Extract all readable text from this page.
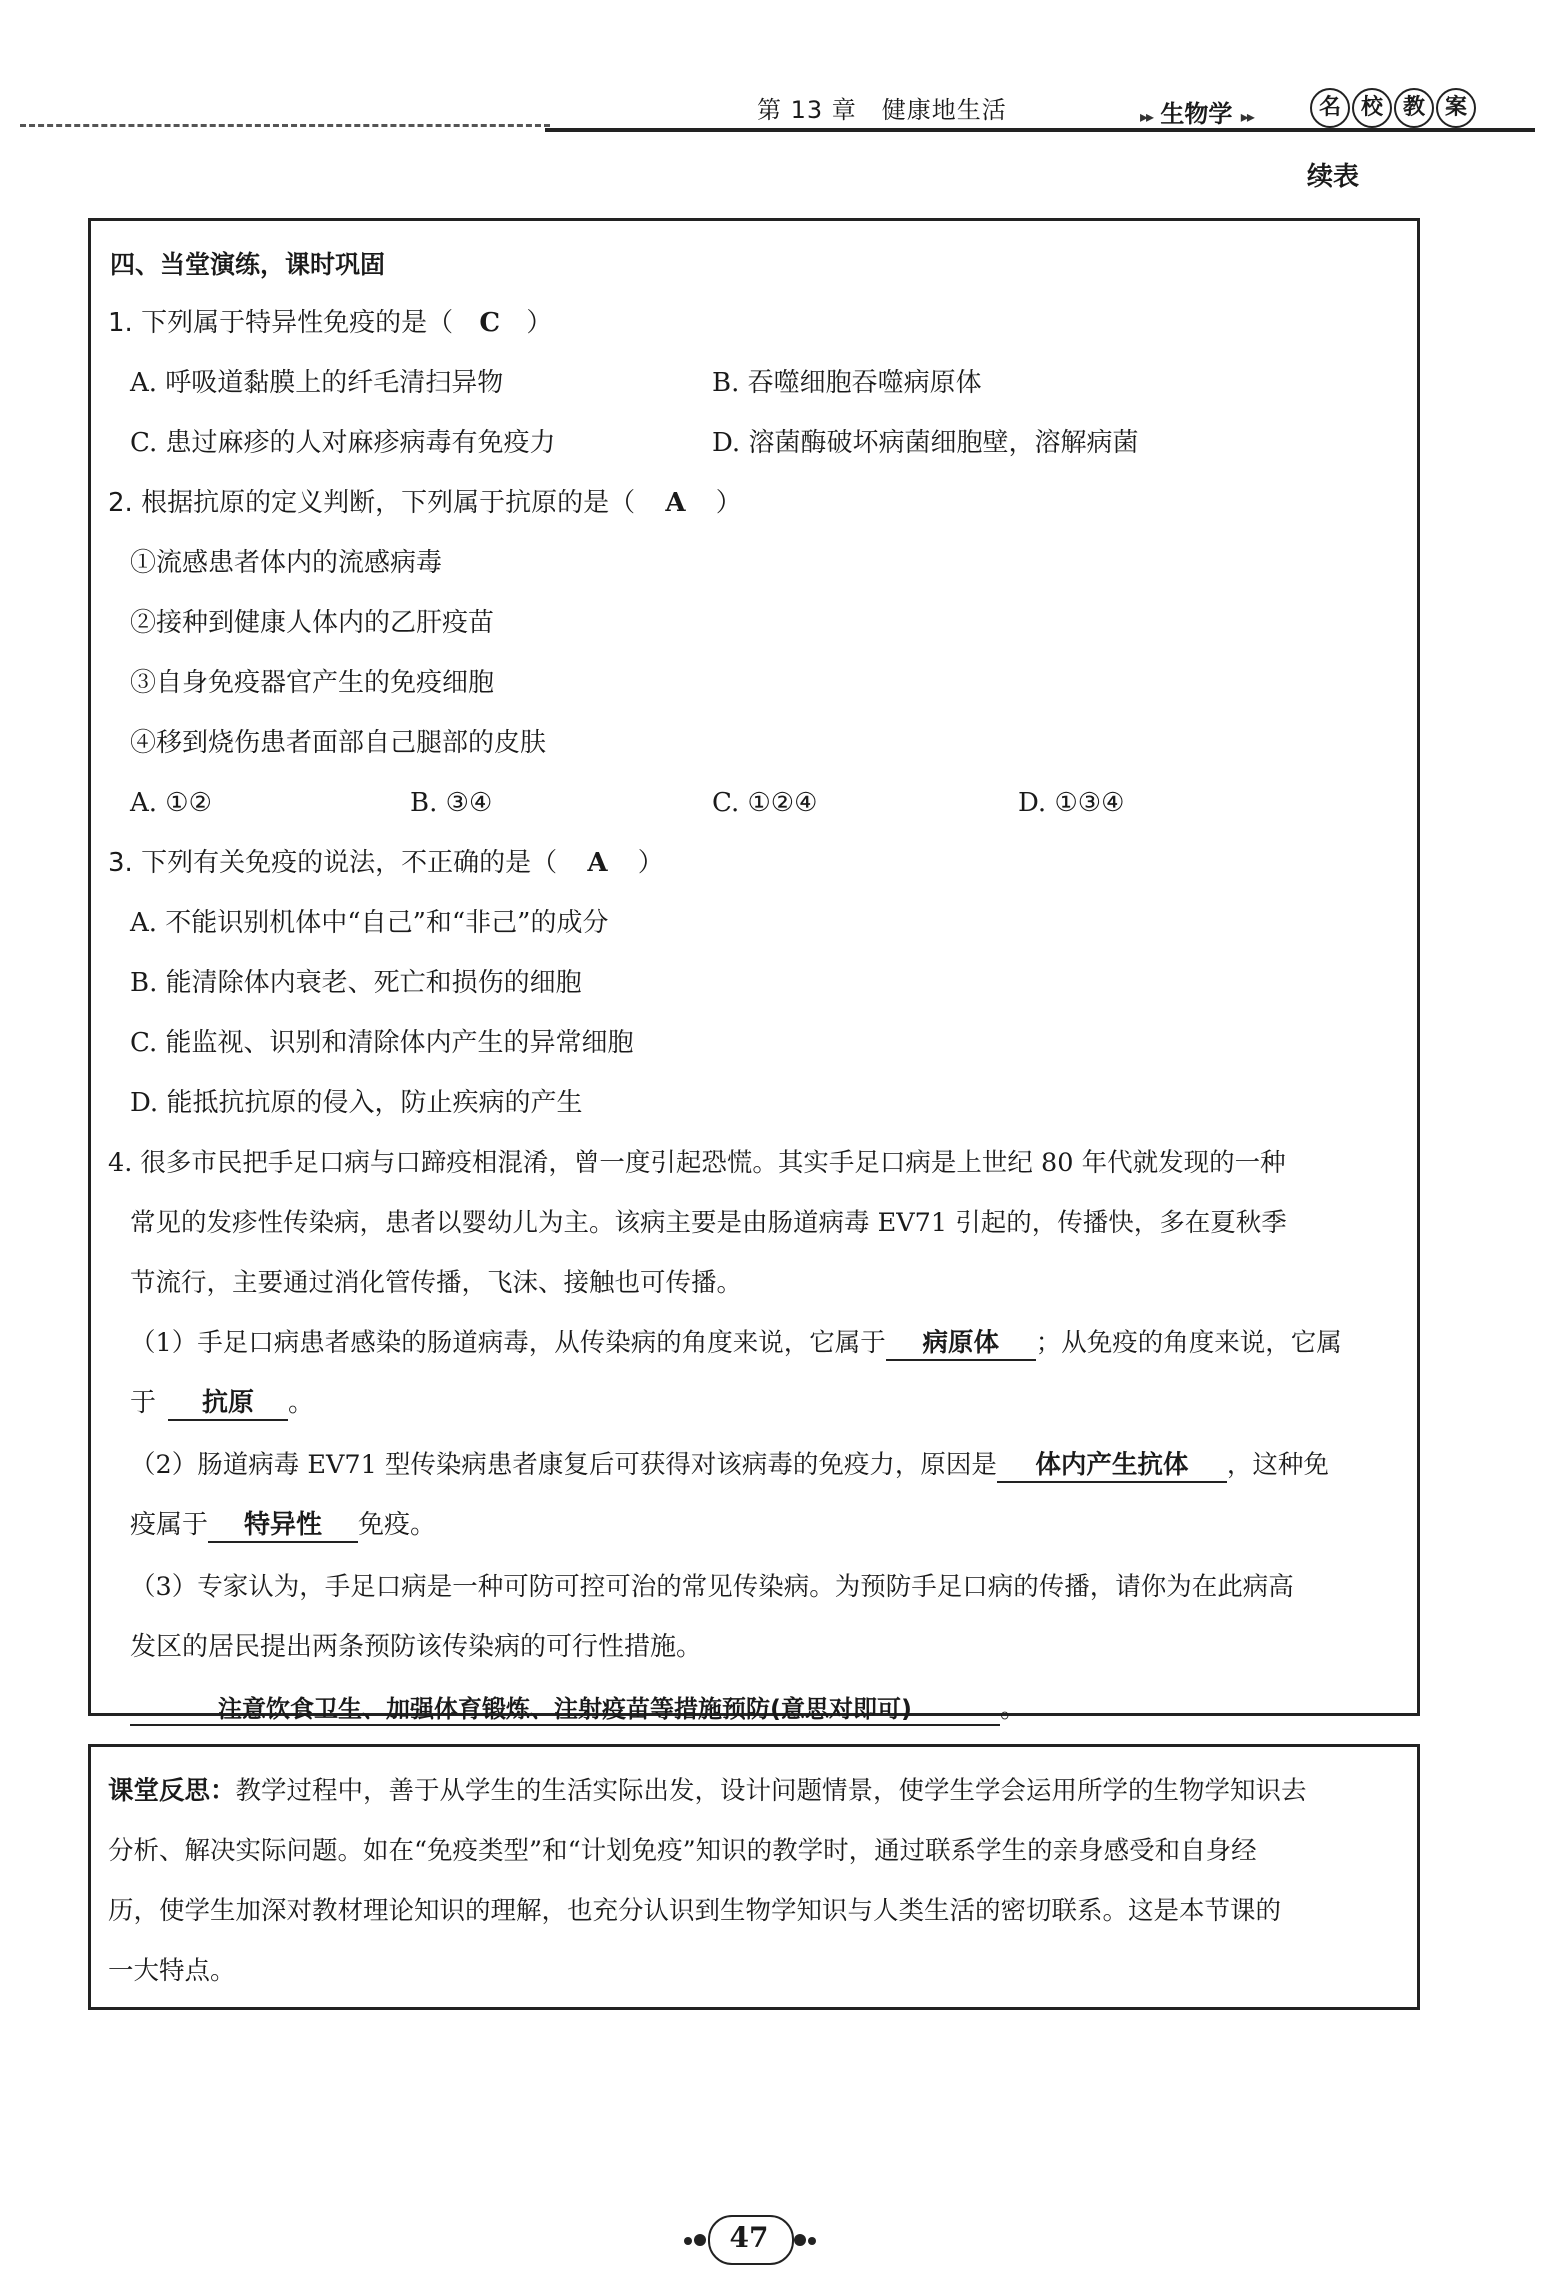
第 13 章　健康地生活	▸▸ 生物学 ▸▸	名 校 教 案
续表
四、当堂演练，课时巩固
1. 下列属于特异性免疫的是（ C ）
A. 呼吸道黏膜上的纤毛清扫异物	B. 吞噬细胞吞噬病原体
C. 患过麻疹的人对麻疹病毒有免疫力	D. 溶菌酶破坏病菌细胞壁，溶解病菌
2. 根据抗原的定义判断，下列属于抗原的是（ A ）
①流感患者体内的流感病毒
②接种到健康人体内的乙肝疫苗
③自身免疫器官产生的免疫细胞
④移到烧伤患者面部自己腿部的皮肤
A. ①②	B. ③④	C. ①②④	D. ①③④
3. 下列有关免疫的说法，不正确的是（ A ）
A. 不能识别机体中“自己”和“非己”的成分
B. 能清除体内衰老、死亡和损伤的细胞
C. 能监视、识别和清除体内产生的异常细胞
D. 能抵抗抗原的侵入，防止疾病的产生
4. 很多市民把手足口病与口蹄疫相混淆，曾一度引起恐慌。其实手足口病是上世纪 80 年代就发现的一种
常见的发疹性传染病，患者以婴幼儿为主。该病主要是由肠道病毒 EV71 引起的，传播快，多在夏秋季
节流行，主要通过消化管传播，飞沫、接触也可传播。
（1）手足口病患者感染的肠道病毒，从传染病的角度来说，它属于 病原体 ；从免疫的角度来说，它属
于 抗原 。
（2）肠道病毒 EV71 型传染病患者康复后可获得对该病毒的免疫力，原因是 体内产生抗体 ，这种免
疫属于 特异性 免疫。
（3）专家认为，手足口病是一种可防可控可治的常见传染病。为预防手足口病的传播，请你为在此病高
发区的居民提出两条预防该传染病的可行性措施。
注意饮食卫生、加强体育锻炼、注射疫苗等措施预防(意思对即可)	。
课堂反思：教学过程中，善于从学生的生活实际出发，设计问题情景，使学生学会运用所学的生物学知识去
分析、解决实际问题。如在“免疫类型”和“计划免疫”知识的教学时，通过联系学生的亲身感受和自身经
历，使学生加深对教材理论知识的理解，也充分认识到生物学知识与人类生活的密切联系。这是本节课的
一大特点。
47
